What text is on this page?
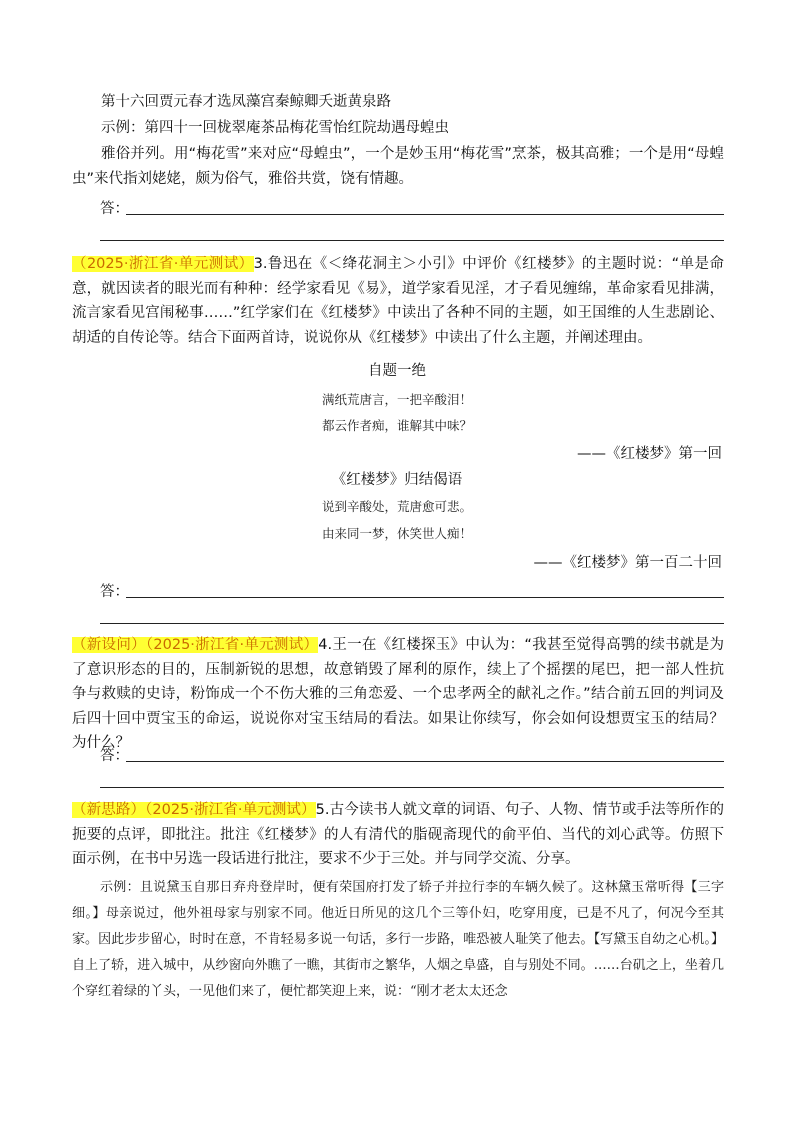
第十六回贾元春才选凤藻宫秦鲸卿夭逝黄泉路

示例：第四十一回栊翠庵茶品梅花雪怡红院劫遇母蝗虫

雅俗并列。用“梅花雪”来对应“母蝗虫”，一个是妙玉用“梅花雪”烹茶，极其高雅；一个是用“母蝗虫”来代指刘姥姥，颇为俗气，雅俗共赏，饶有情趣。

答：

（2025·浙江省·单元测试）3.鲁迅在《＜绛花洞主＞小引》中评价《红楼梦》的主题时说：“单是命意，就因读者的眼光而有种种：经学家看见《易》，道学家看见淫，才子看见缠绵，革命家看见排满，流言家看见宫闱秘事……”红学家们在《红楼梦》中读出了各种不同的主题，如王国维的人生悲剧论、胡适的自传论等。结合下面两首诗，说说你从《红楼梦》中读出了什么主题，并阐述理由。

自题一绝
满纸荒唐言，一把辛酸泪！
都云作者痴，谁解其中味？
——《红楼梦》第一回
《红楼梦》归结偈语
说到辛酸处，荒唐愈可悲。
由来同一梦，休笑世人痴！
——《红楼梦》第一百二十回
答：

（新设问）（2025·浙江省·单元测试）4.王一在《红楼探玉》中认为：“我甚至觉得高鹗的续书就是为了意识形态的目的，压制新锐的思想，故意销毁了犀利的原作，续上了个摇摆的尾巴，把一部人性抗争与救赎的史诗，粉饰成一个不伤大雅的三角恋爱、一个忠孝两全的献礼之作。”结合前五回的判词及后四十回中贾宝玉的命运，说说你对宝玉结局的看法。如果让你续写，你会如何设想贾宝玉的结局？为什么？

答：

（新思路）（2025·浙江省·单元测试）5.古今读书人就文章的词语、句子、人物、情节或手法等所作的扼要的点评，即批注。批注《红楼梦》的人有清代的脂砚斋现代的俞平伯、当代的刘心武等。仿照下面示例，在书中另选一段话进行批注，要求不少于三处。并与同学交流、分享。

示例：且说黛玉自那日弃舟登岸时，便有荣国府打发了轿子并拉行李的车辆久候了。这林黛玉常听得【三字细。】母亲说过，他外祖母家与别家不同。他近日所见的这几个三等仆妇，吃穿用度，已是不凡了，何况今至其家。因此步步留心，时时在意，不肯轻易多说一句话，多行一步路，唯恐被人耻笑了他去。【写黛玉自幼之心机。】自上了轿，进入城中，从纱窗向外瞧了一瞧，其街市之繁华，人烟之阜盛，自与别处不同。……台矶之上，坐着几个穿红着绿的丫头，一见他们来了，便忙都笑迎上来，说：“刚才老太太还念
